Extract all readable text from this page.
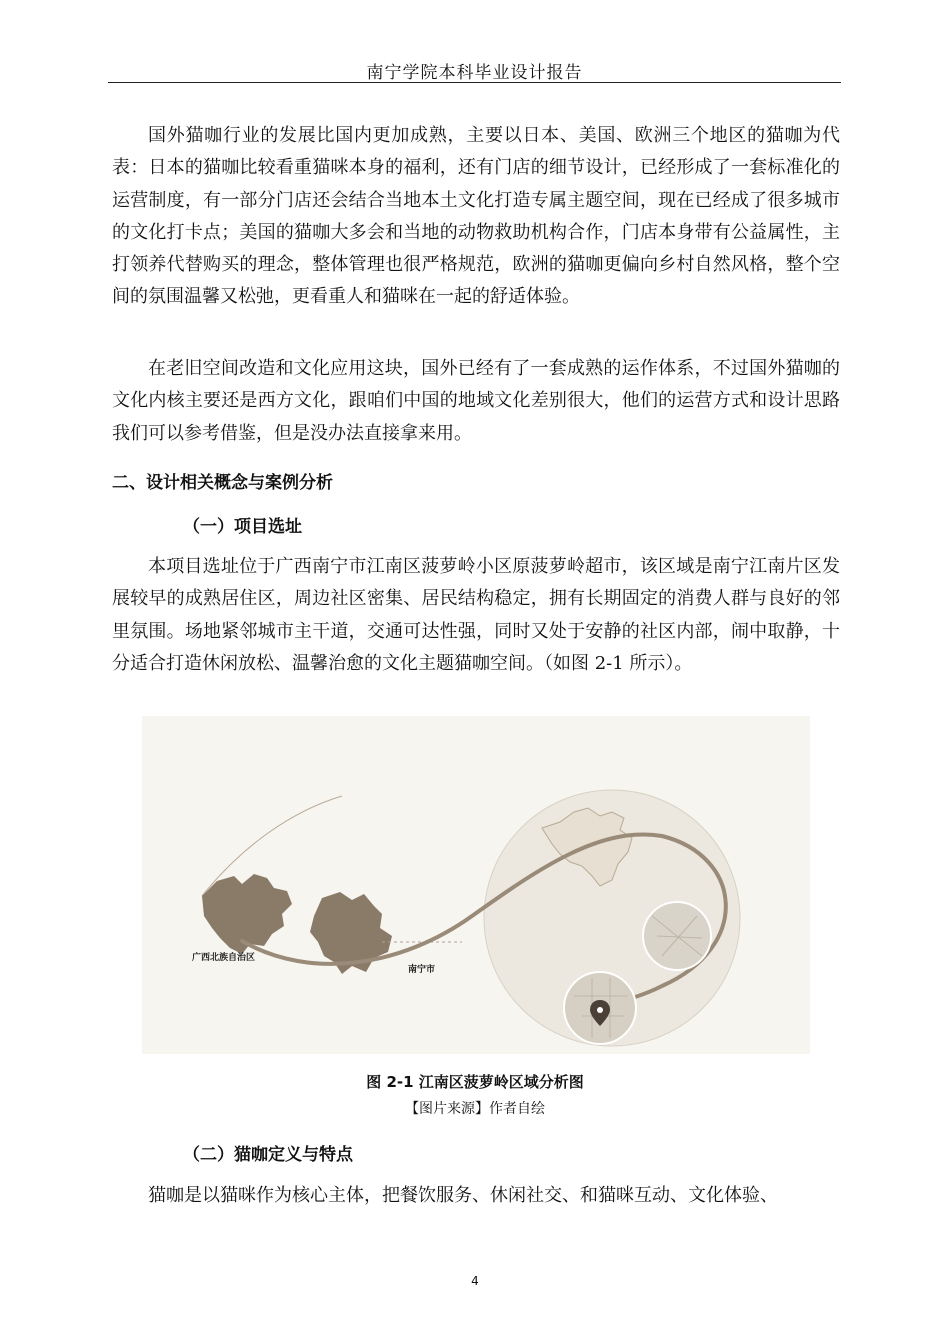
南宁学院本科毕业设计报告

国外猫咖行业的发展比国内更加成熟，主要以日本、美国、欧洲三个地区的猫咖为代表：日本的猫咖比较看重猫咪本身的福利，还有门店的细节设计，已经形成了一套标准化的运营制度，有一部分门店还会结合当地本土文化打造专属主题空间，现在已经成了很多城市的文化打卡点；美国的猫咖大多会和当地的动物救助机构合作，门店本身带有公益属性，主打领养代替购买的理念，整体管理也很严格规范，欧洲的猫咖更偏向乡村自然风格，整个空间的氛围温馨又松弛，更看重人和猫咪在一起的舒适体验。

在老旧空间改造和文化应用这块，国外已经有了一套成熟的运作体系，不过国外猫咖的文化内核主要还是西方文化，跟咱们中国的地域文化差别很大，他们的运营方式和设计思路我们可以参考借鉴，但是没办法直接拿来用。

二、设计相关概念与案例分析
（一）项目选址

本项目选址位于广西南宁市江南区菠萝岭小区原菠萝岭超市，该区域是南宁江南片区发展较早的成熟居住区，周边社区密集、居民结构稳定，拥有长期固定的消费人群与良好的邻里氛围。场地紧邻城市主干道，交通可达性强，同时又处于安静的社区内部，闹中取静，十分适合打造休闲放松、温馨治愈的文化主题猫咖空间。（如图 2-1 所示）。

广西北族自治区
南宁市
图 2-1 江南区菠萝岭区域分析图
【图片来源】作者自绘
（二）猫咖定义与特点

猫咖是以猫咪作为核心主体，把餐饮服务、休闲社交、和猫咪互动、文化体验、

4
